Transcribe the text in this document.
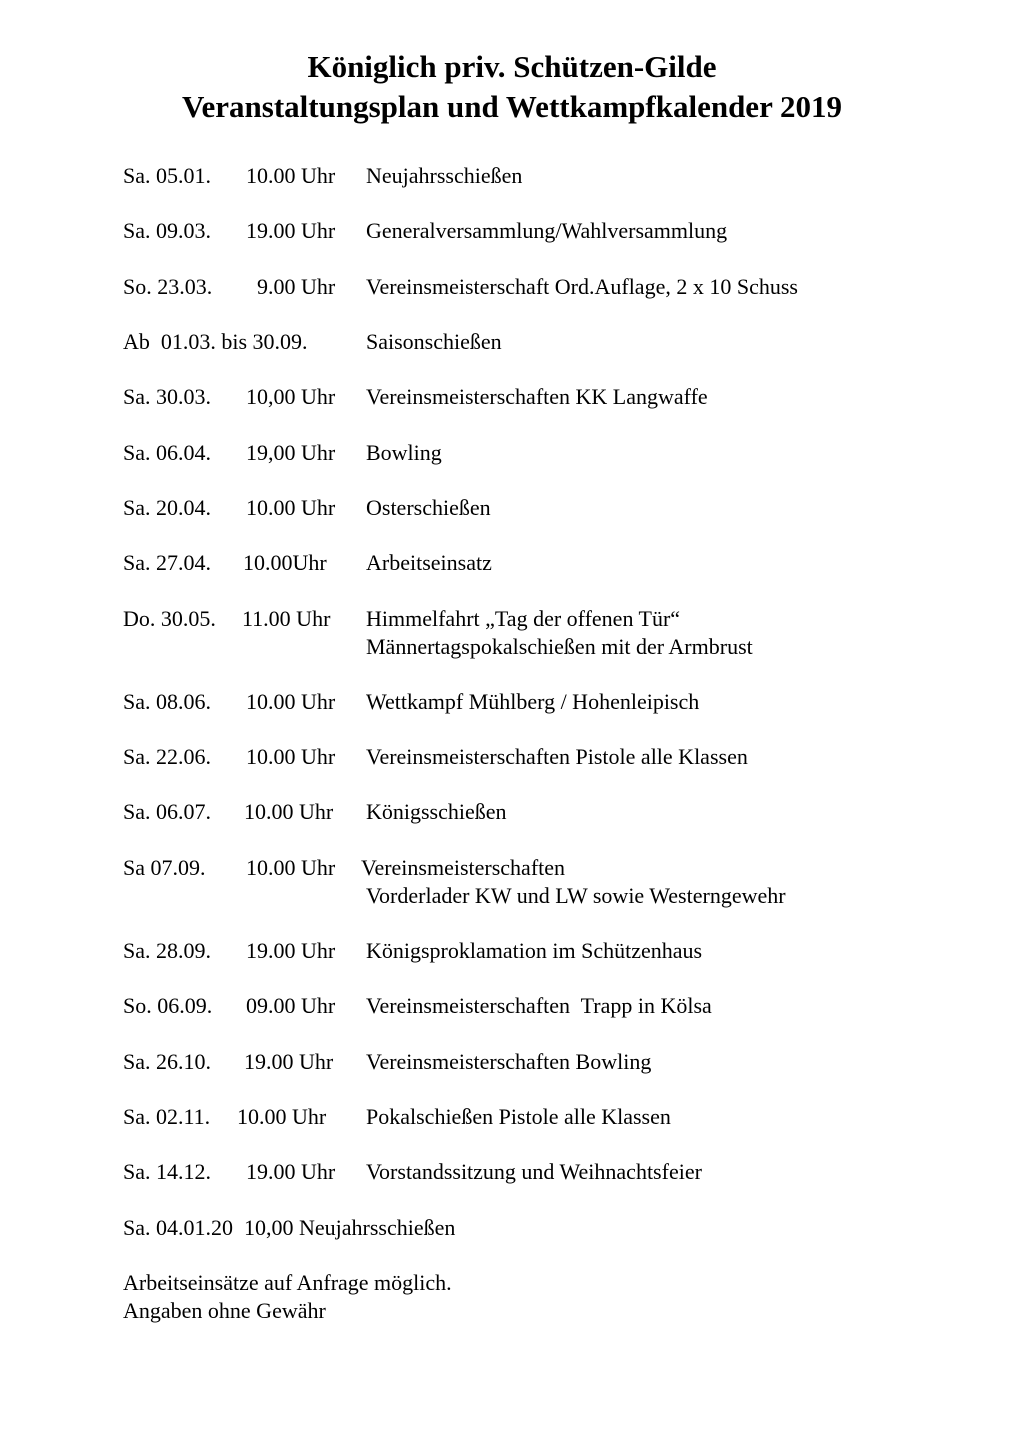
Königlich priv. Schützen-Gilde
Veranstaltungsplan und Wettkampfkalender 2019
Sa. 05.01. 10.00 Uhr Neujahrsschießen
Sa. 09.03. 19.00 Uhr Generalversammlung/Wahlversammlung
So. 23.03. 9.00 Uhr Vereinsmeisterschaft Ord.Auflage, 2 x 10 Schuss
Ab  01.03. bis 30.09.	Saisonschießen
Sa. 30.03. 10,00 Uhr Vereinsmeisterschaften KK Langwaffe
Sa. 06.04. 19,00 Uhr Bowling
Sa. 20.04. 10.00 Uhr Osterschießen
Sa. 27.04. 10.00Uhr Arbeitseinsatz
Do. 30.05. 11.00 Uhr Himmelfahrt „Tag der offenen Tür“
Männertagspokalschießen mit der Armbrust
Sa. 08.06. 10.00 Uhr Wettkampf Mühlberg / Hohenleipisch
Sa. 22.06. 10.00 Uhr Vereinsmeisterschaften Pistole alle Klassen
Sa. 06.07. 10.00 Uhr Königsschießen
Sa 07.09. 10.00 Uhr Vereinsmeisterschaften
Vorderlader KW und LW sowie Westerngewehr
Sa. 28.09. 19.00 Uhr Königsproklamation im Schützenhaus
So. 06.09. 09.00 Uhr Vereinsmeisterschaften  Trapp in Kölsa
Sa. 26.10. 19.00 Uhr Vereinsmeisterschaften Bowling
Sa. 02.11. 10.00 Uhr Pokalschießen Pistole alle Klassen
Sa. 14.12. 19.00 Uhr Vorstandssitzung und Weihnachtsfeier
Sa. 04.01.20  10,00 Neujahrsschießen
Arbeitseinsätze auf Anfrage möglich.
Angaben ohne Gewähr
